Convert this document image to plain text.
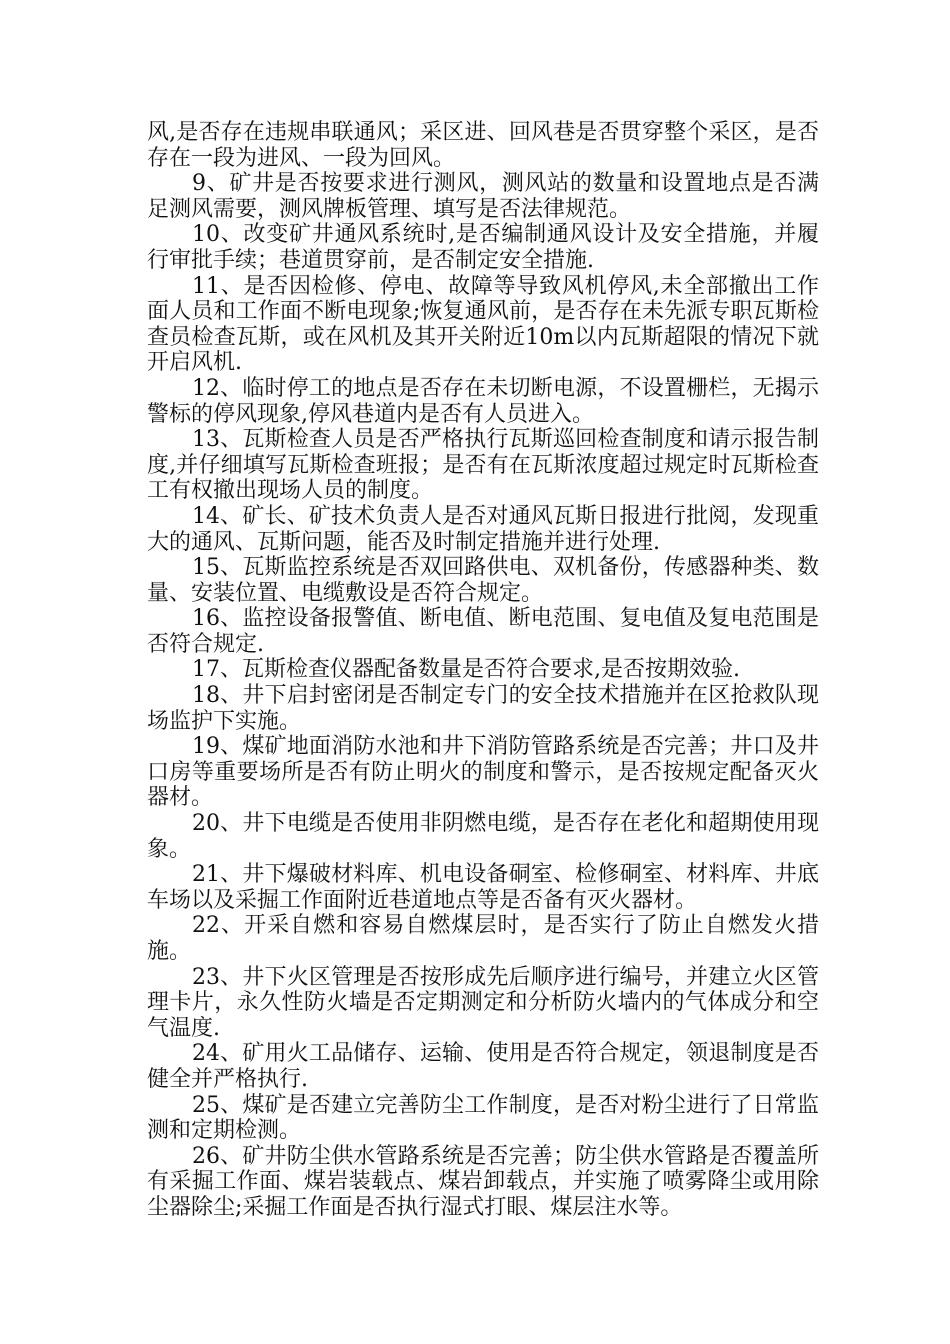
风,是否存在违规串联通风；采区进、回风巷是否贯穿整个采区，是否存在一段为进风、一段为回风。

9、矿井是否按要求进行测风，测风站的数量和设置地点是否满足测风需要，测风牌板管理、填写是否法律规范。

10、改变矿井通风系统时,是否编制通风设计及安全措施，并履行审批手续；巷道贯穿前，是否制定安全措施.

11、是否因检修、停电、故障等导致风机停风,未全部撤出工作面人员和工作面不断电现象;恢复通风前，是否存在未先派专职瓦斯检查员检查瓦斯，或在风机及其开关附近10m以内瓦斯超限的情况下就开启风机.

12、临时停工的地点是否存在未切断电源，不设置栅栏，无揭示警标的停风现象,停风巷道内是否有人员进入。

13、瓦斯检查人员是否严格执行瓦斯巡回检查制度和请示报告制度,并仔细填写瓦斯检查班报；是否有在瓦斯浓度超过规定时瓦斯检查工有权撤出现场人员的制度。

14、矿长、矿技术负责人是否对通风瓦斯日报进行批阅，发现重大的通风、瓦斯问题，能否及时制定措施并进行处理.

15、瓦斯监控系统是否双回路供电、双机备份，传感器种类、数量、安装位置、电缆敷设是否符合规定。

16、监控设备报警值、断电值、断电范围、复电值及复电范围是否符合规定.

17、瓦斯检查仪器配备数量是否符合要求,是否按期效验.

18、井下启封密闭是否制定专门的安全技术措施并在区抢救队现场监护下实施。

19、煤矿地面消防水池和井下消防管路系统是否完善；井口及井口房等重要场所是否有防止明火的制度和警示，是否按规定配备灭火器材。

20、井下电缆是否使用非阴燃电缆，是否存在老化和超期使用现象。

21、井下爆破材料库、机电设备硐室、检修硐室、材料库、井底车场以及采掘工作面附近巷道地点等是否备有灭火器材。

22、开采自燃和容易自燃煤层时，是否实行了防止自燃发火措施。

23、井下火区管理是否按形成先后顺序进行编号，并建立火区管理卡片，永久性防火墙是否定期测定和分析防火墙内的气体成分和空气温度.

24、矿用火工品储存、运输、使用是否符合规定，领退制度是否健全并严格执行.

25、煤矿是否建立完善防尘工作制度，是否对粉尘进行了日常监测和定期检测。

26、矿井防尘供水管路系统是否完善；防尘供水管路是否覆盖所有采掘工作面、煤岩装载点、煤岩卸载点，并实施了喷雾降尘或用除尘器除尘;采掘工作面是否执行湿式打眼、煤层注水等。
